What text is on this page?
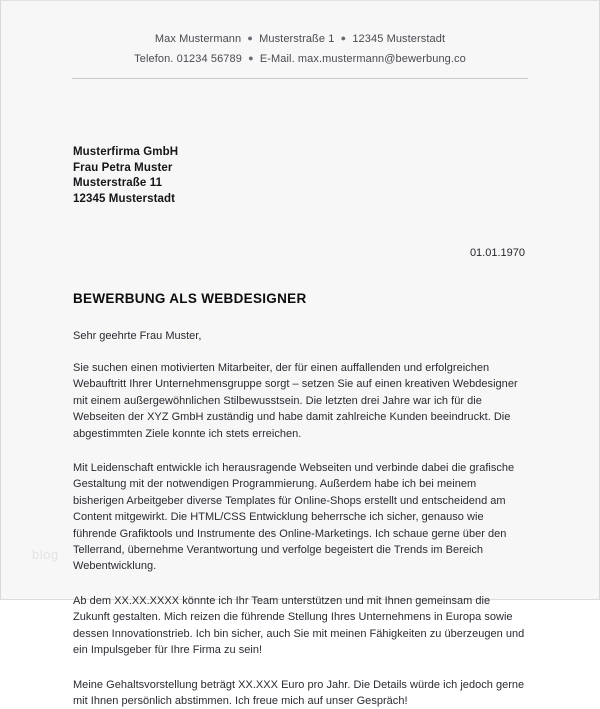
blog
Max Mustermann ● Musterstraße 1 ● 12345 Musterstadt
Telefon. 01234 56789 ● E-Mail. max.mustermann@bewerbung.co
Musterfirma GmbH
Frau Petra Muster
Musterstraße 11
12345 Musterstadt
01.01.1970
BEWERBUNG ALS WEBDESIGNER
Sehr geehrte Frau Muster,

Sie suchen einen motivierten Mitarbeiter, der für einen auffallenden und erfolgreichen Webauftritt Ihrer Unternehmensgruppe sorgt – setzen Sie auf einen kreativen Webdesigner mit einem außergewöhnlichen Stilbewusstsein. Die letzten drei Jahre war ich für die Webseiten der XYZ GmbH zuständig und habe damit zahlreiche Kunden beeindruckt. Die abgestimmten Ziele konnte ich stets erreichen.

Mit Leidenschaft entwickle ich herausragende Webseiten und verbinde dabei die grafische Gestaltung mit der notwendigen Programmierung. Außerdem habe ich bei meinem bisherigen Arbeitgeber diverse Templates für Online-Shops erstellt und entscheidend am Content mitgewirkt. Die HTML/CSS Entwicklung beherrsche ich sicher, genauso wie führende Grafiktools und Instrumente des Online-Marketings. Ich schaue gerne über den Tellerrand, übernehme Verantwortung und verfolge begeistert die Trends im Bereich Webentwicklung.

Ab dem XX.XX.XXXX könnte ich Ihr Team unterstützen und mit Ihnen gemeinsam die Zukunft gestalten. Mich reizen die führende Stellung Ihres Unternehmens in Europa sowie dessen Innovationstrieb. Ich bin sicher, auch Sie mit meinen Fähigkeiten zu überzeugen und ein Impulsgeber für Ihre Firma zu sein!

Meine Gehaltsvorstellung beträgt XX.XXX Euro pro Jahr. Die Details würde ich jedoch gerne mit Ihnen persönlich abstimmen. Ich freue mich auf unser Gespräch!
